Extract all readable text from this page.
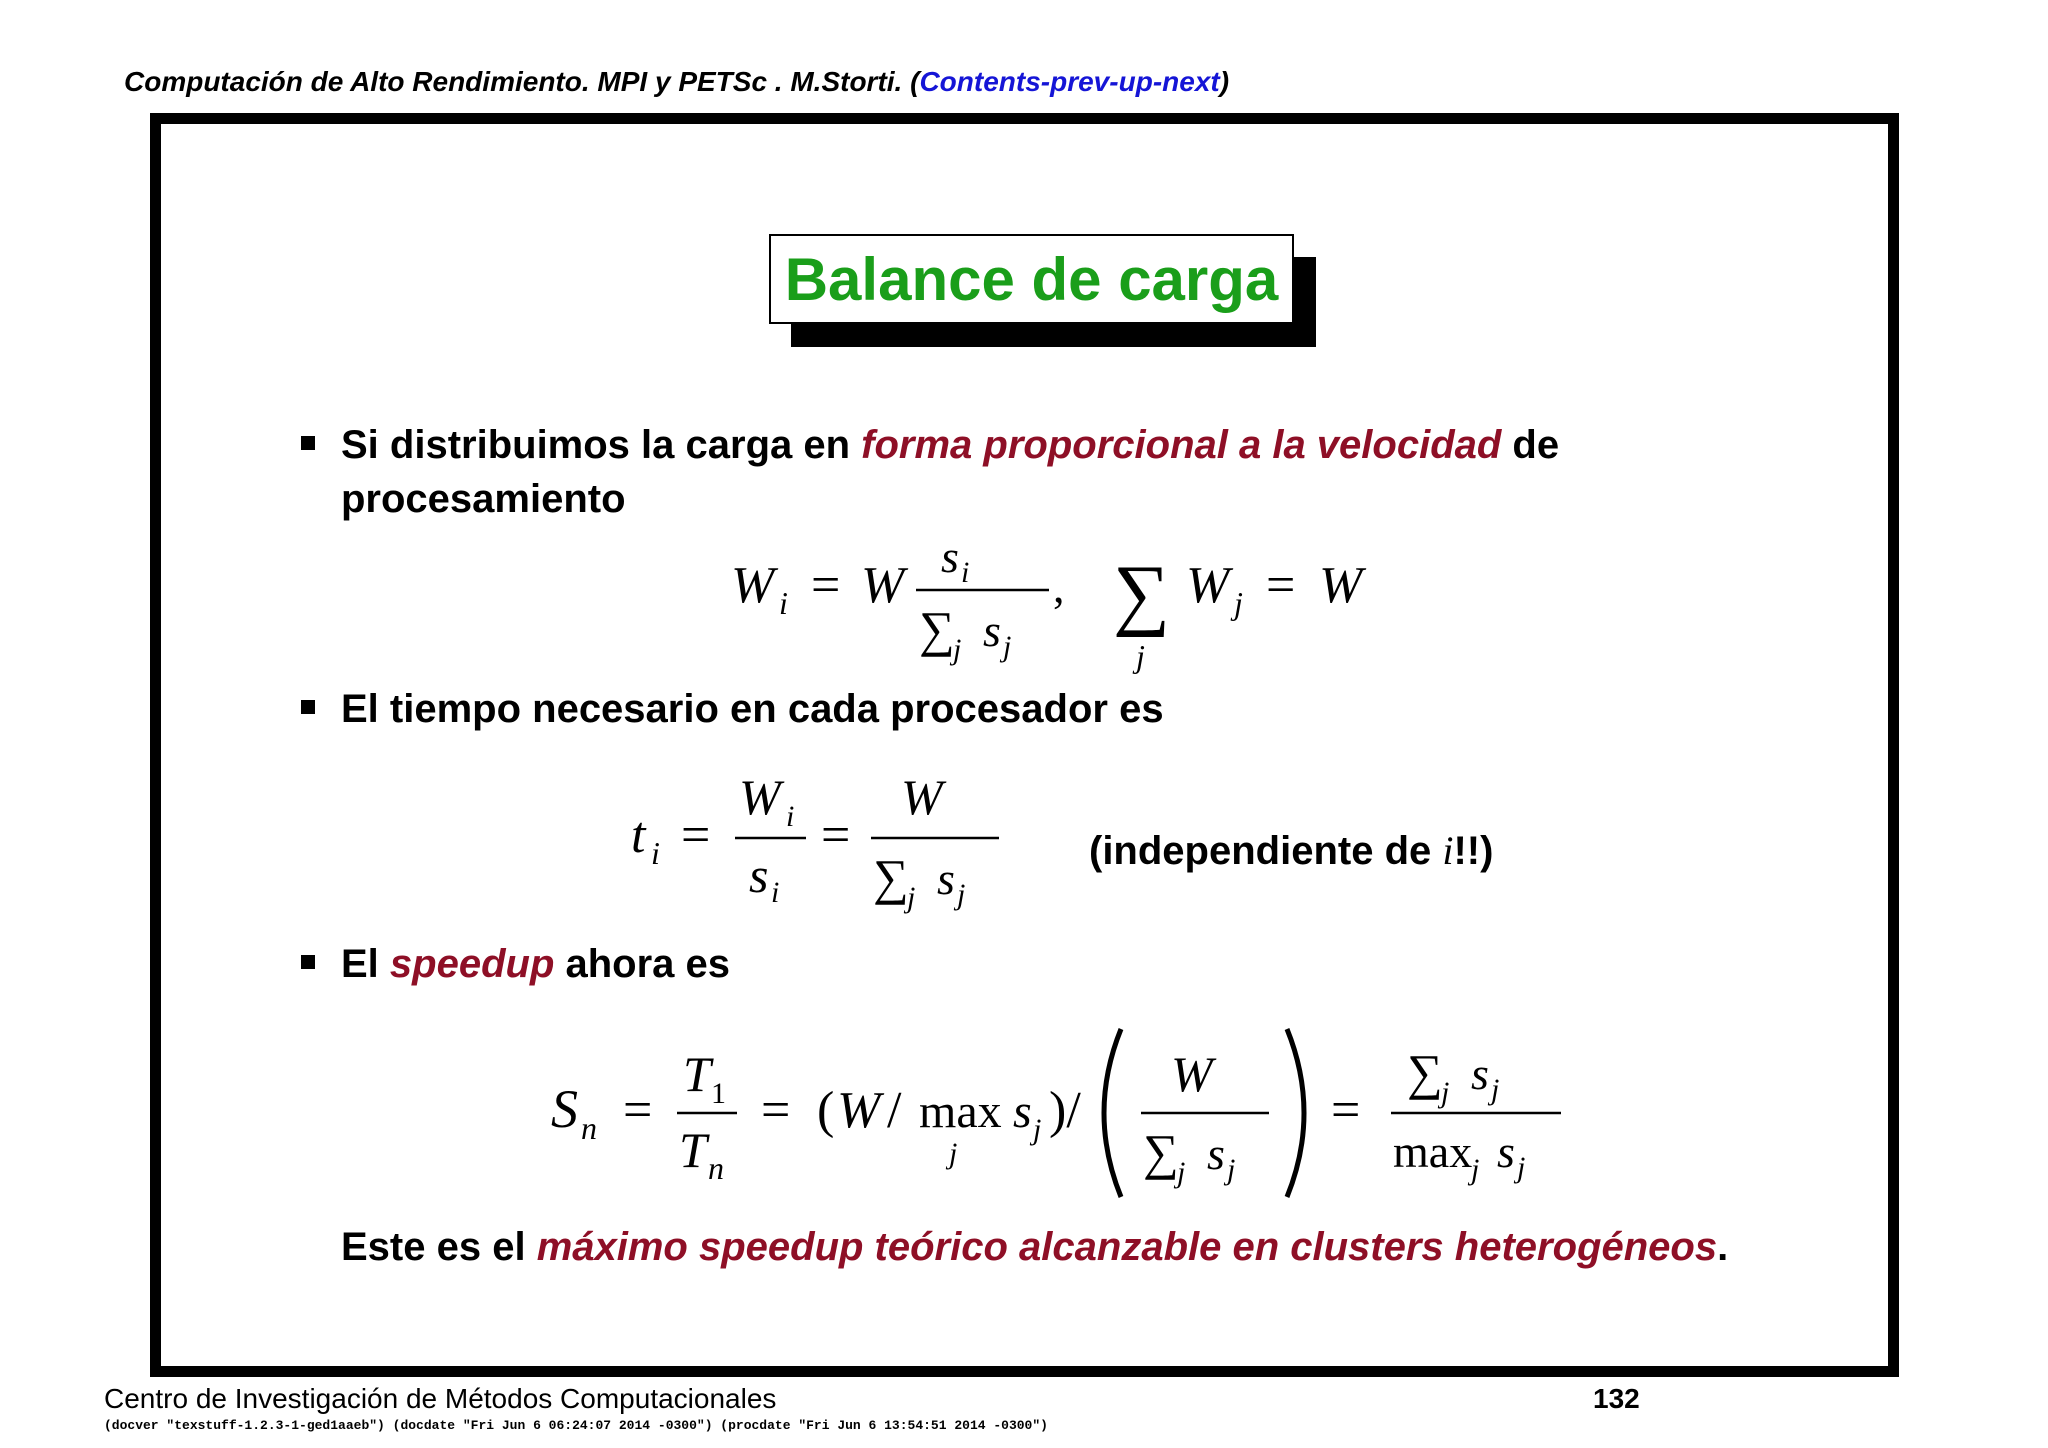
Computación de Alto Rendimiento. MPI y PETSc . M.Storti. (Contents-prev-up-next)
Balance de carga
Si distribuimos la carga en forma proporcional a la velocidad de
procesamiento
W i = W
s i
∑
j s j
, ∑
j
W j = W
El tiempo necesario en cada procesador es
t i =
W i
s i
=
W
∑
j s j
(independiente de i!!)
El speedup ahora es
S n =
T 1
T n
= ( W / max
j
s j )/
W
∑
j s j
=
∑
j s j
max
j s j
Este es el máximo speedup teórico alcanzable en clusters heterogéneos.
Centro de Investigación de Métodos Computacionales	132
(docver "texstuff-1.2.3-1-ged1aaeb") (docdate "Fri Jun 6 06:24:07 2014 -0300") (procdate "Fri Jun 6 13:54:51 2014 -0300")
